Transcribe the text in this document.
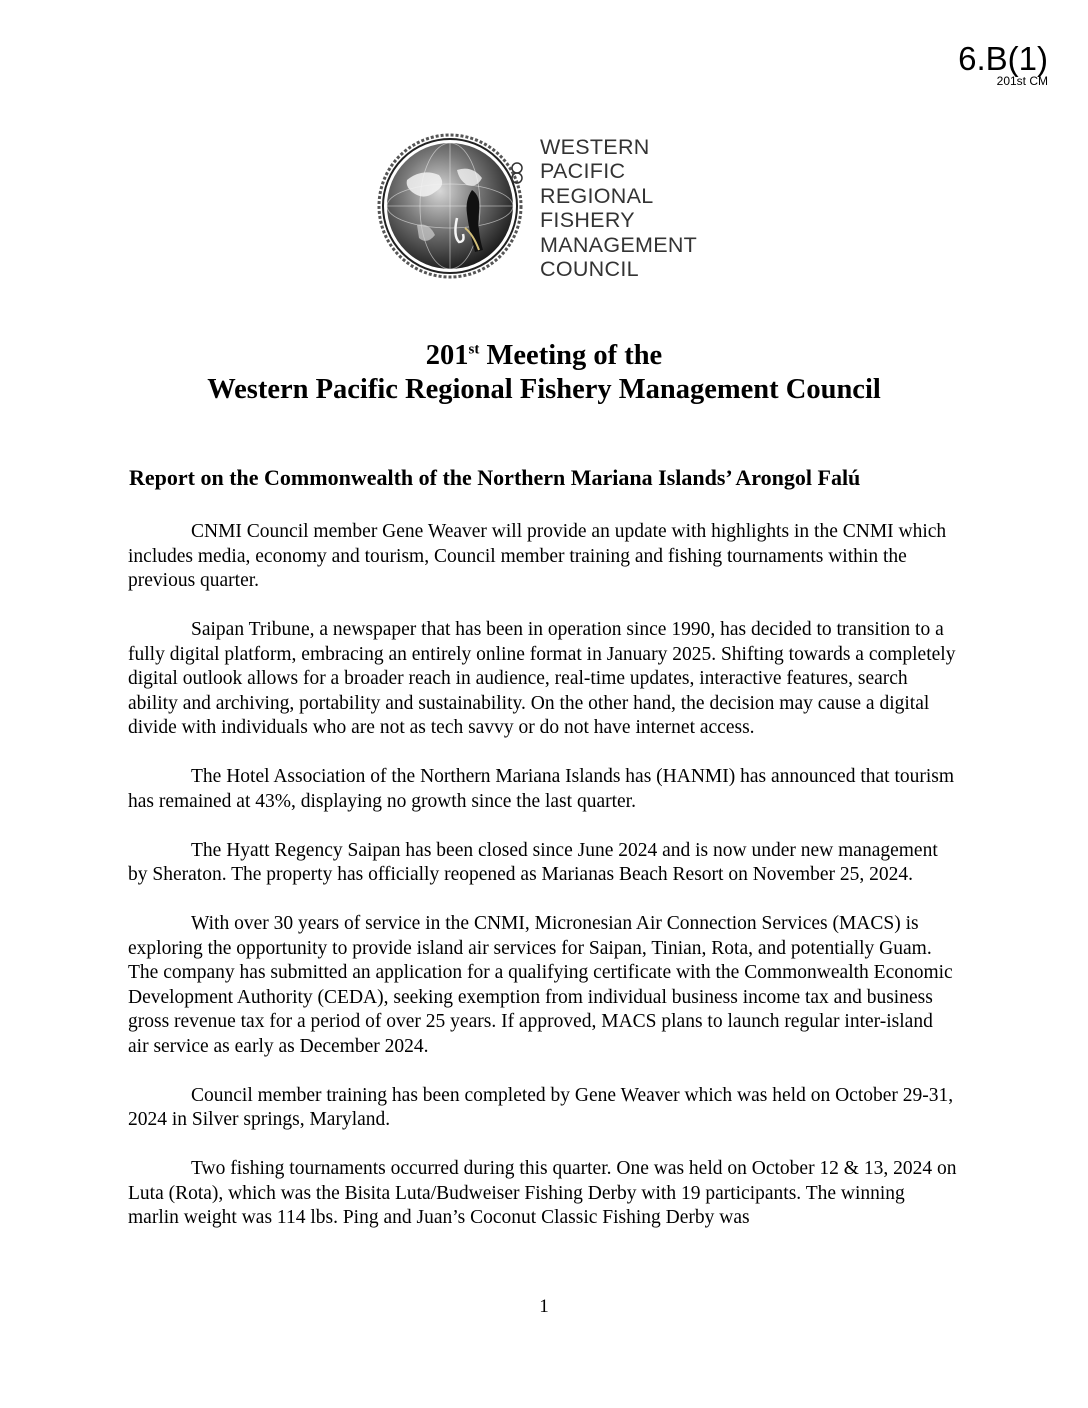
6.B(1)
201st CM
WESTERN
PACIFIC
REGIONAL
FISHERY
MANAGEMENT
COUNCIL
201st Meeting of the
Western Pacific Regional Fishery Management Council
Report on the Commonwealth of the Northern Mariana Islands’ Arongol Falú

CNMI Council member Gene Weaver will provide an update with highlights in the CNMI which includes media, economy and tourism, Council member training and fishing tournaments within the previous quarter.

Saipan Tribune, a newspaper that has been in operation since 1990, has decided to transition to a fully digital platform, embracing an entirely online format in January 2025. Shifting towards a completely digital outlook allows for a broader reach in audience, real-time updates, interactive features, search ability and archiving, portability and sustainability. On the other hand, the decision may cause a digital divide with individuals who are not as tech savvy or do not have internet access.

The Hotel Association of the Northern Mariana Islands has (HANMI) has announced that tourism has remained at 43%, displaying no growth since the last quarter.

The Hyatt Regency Saipan has been closed since June 2024 and is now under new management by Sheraton. The property has officially reopened as Marianas Beach Resort on November 25, 2024.

With over 30 years of service in the CNMI, Micronesian Air Connection Services (MACS) is exploring the opportunity to provide island air services for Saipan, Tinian, Rota, and potentially Guam. The company has submitted an application for a qualifying certificate with the Commonwealth Economic Development Authority (CEDA), seeking exemption from individual business income tax and business gross revenue tax for a period of over 25 years. If approved, MACS plans to launch regular inter-island air service as early as December 2024.

Council member training has been completed by Gene Weaver which was held on October 29-31, 2024 in Silver springs, Maryland.

Two fishing tournaments occurred during this quarter. One was held on October 12 & 13, 2024 on Luta (Rota), which was the Bisita Luta/Budweiser Fishing Derby with 19 participants. The winning marlin weight was 114 lbs. Ping and Juan’s Coconut Classic Fishing Derby was

1
